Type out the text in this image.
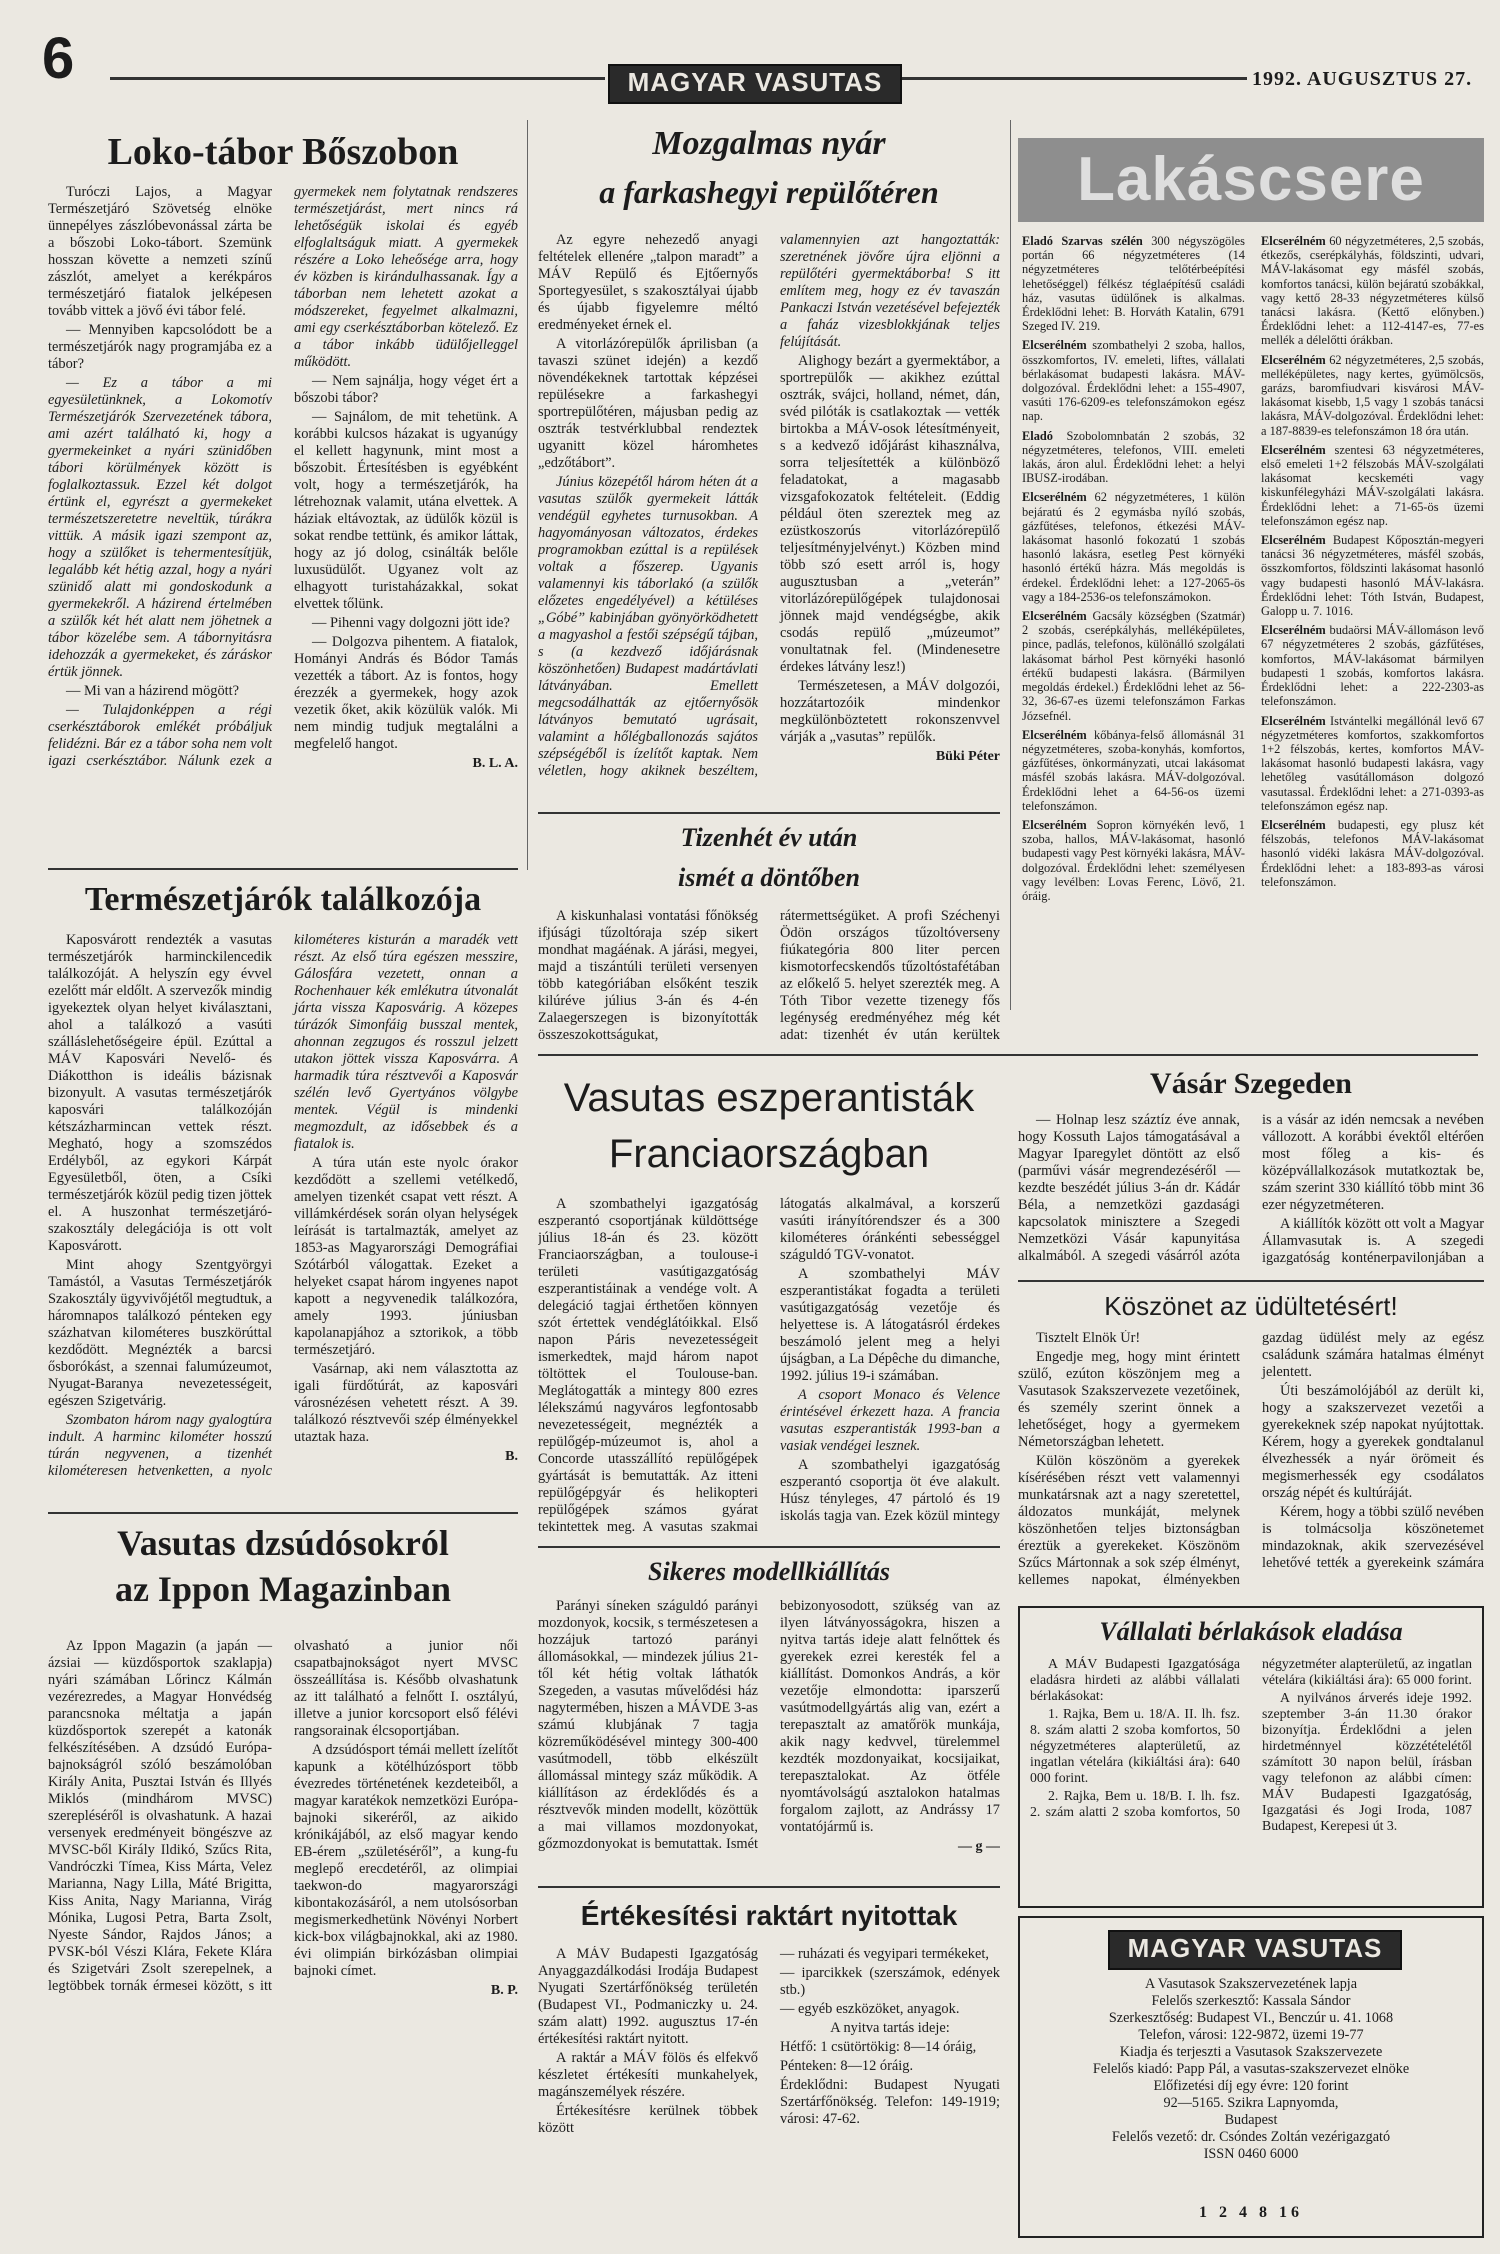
6	MAGYAR VASUTAS	1992. AUGUSZTUS 27.
Loko-tábor Bőszobon

Turóczi Lajos, a Magyar Természetjáró Szövetség elnöke ünnepélyes zászlóbevonással zárta be a bőszobi Loko-tábort. Szemünk hosszan követte a nemzeti színű zászlót, amelyet a kerékpáros természetjáró fiatalok jelképesen tovább vittek a jövő évi tábor felé.

— Mennyiben kapcsolódott be a természetjárók nagy programjába ez a tábor?

— Ez a tábor a mi egyesületünknek, a Lokomotív Természetjárók Szervezetének tábora, ami azért található ki, hogy a gyermekeinket a nyári szünidőben tábori körülmények között is foglalkoztassuk. Ezzel két dolgot értünk el, egyrészt a gyermekeket természetszeretetre neveltük, túrákra vittük. A másik igazi szempont az, hogy a szülőket is tehermentesítjük, legalább két hétig azzal, hogy a nyári szünidő alatt mi gondoskodunk a gyermekekről. A házirend értelmében a szülők két hét alatt nem jöhetnek a tábor közelébe sem. A tábornyitásra idehozzák a gyermekeket, és záráskor értük jönnek.

— Mi van a házirend mögött?

— Tulajdonképpen a régi cserkésztáborok emlékét próbáljuk felidézni. Bár ez a tábor soha nem volt igazi cserkésztábor. Nálunk ezek a gyermekek nem folytatnak rendszeres természetjárást, mert nincs rá lehetőségük iskolai és egyéb elfoglaltságuk miatt. A gyermekek részére a Loko leheősége arra, hogy év közben is kirándulhassanak. Így a táborban nem lehetett azokat a módszereket, fegyelmet alkalmazni, ami egy cserkésztáborban kötelező. Ez a tábor inkább üdülőjelleggel működött.

— Nem sajnálja, hogy véget ért a bőszobi tábor?

— Sajnálom, de mit tehetünk. A korábbi kulcsos házakat is ugyanúgy el kellett hagynunk, mint most a bőszobit. Értesítésben is egyébként volt, hogy a természetjárók, ha létrehoznak valamit, utána elvettek. A háziak eltávoztak, az üdülők közül is sokat rendbe tettünk, és amikor láttak, hogy az jó dolog, csinálták belőle luxusüdülőt. Ugyanez volt az elhagyott turistaházakkal, sokat elvettek tőlünk.

— Pihenni vagy dolgozni jött ide?

— Dolgozva pihentem. A fiatalok, Hományi András és Bódor Tamás vezették a tábort. Az is fontos, hogy érezzék a gyermekek, hogy azok vezetik őket, akik közülük valók. Mi nem mindig tudjuk megtalálni a megfelelő hangot.

B. L. A.

Természetjárók találkozója

Kaposvárott rendezték a vasutas természetjárók harminckilencedik találkozóját. A helyszín egy évvel ezelőtt már eldőlt. A szervezők mindig igyekeztek olyan helyet kiválasztani, ahol a találkozó a vasúti szálláslehetőségeire épül. Ezúttal a MÁV Kaposvári Nevelő- és Diákotthon is ideális bázisnak bizonyult. A vasutas természetjárók kaposvári találkozóján kétszázharmincan vettek részt. Megható, hogy a szomszédos Erdélyből, az egykori Kárpát Egyesületből, öten, a Csíki természetjárók közül pedig tizen jöttek el. A huszonhat természetjáró-szakosztály delegációja is ott volt Kaposvárott.

Mint ahogy Szentgyörgyi Tamástól, a Vasutas Természetjárók Szakosztály ügyvivőjétől megtudtuk, a háromnapos találkozó pénteken egy százhatvan kilométeres buszkörúttal kezdődött. Megnézték a barcsi ősborókást, a szennai falumúzeumot, Nyugat-Baranya nevezetességeit, egészen Szigetvárig.

Szombaton három nagy gyalogtúra indult. A harminc kilométer hosszú túrán negyvenen, a tizenhét kilométeresen hetvenketten, a nyolc kilométeres kisturán a maradék vett részt. Az első túra egészen messzire, Gálosfára vezetett, onnan a Rochenhauer kék emlékutra útvonalát járta vissza Kaposvárig. A közepes túrázók Simonfáig busszal mentek, ahonnan zegzugos és rosszul jelzett utakon jöttek vissza Kaposvárra. A harmadik túra résztvevői a Kaposvár szélén levő Gyertyános völgybe mentek. Végül is mindenki megmozdult, az idősebbek és a fiatalok is.

A túra után este nyolc órakor kezdődött a szellemi vetélkedő, amelyen tizenkét csapat vett részt. A villámkérdések során olyan helységek leírását is tartalmazták, amelyet az 1853-as Magyarországi Demográfiai Szótárból válogattak. Ezeket a helyeket csapat három ingyenes napot kapott a negyvenedik találkozóra, amely 1993. júniusban kapolanapjához a sztorikok, a több természetjáró.

Vasárnap, aki nem választotta az igali fürdőtúrát, az kaposvári városnézésen vehetett részt. A 39. találkozó résztvevői szép élményekkel utaztak haza.

B.

Vasutas dzsúdósokról
az Ippon Magazinban

Az Ippon Magazin (a japán — ázsiai — küzdősportok szaklapja) nyári számában Lőrincz Kálmán vezérezredes, a Magyar Honvédség parancsnoka méltatja a japán küzdősportok szerepét a katonák felkészítésében. A dzsúdó Európa-bajnokságról szóló beszámolóban Király Anita, Pusztai István és Illyés Miklós (mindhárom MVSC) szerepléséről is olvashatunk. A hazai versenyek eredményeit böngészve az MVSC-ből Király Ildikó, Szűcs Rita, Vandróczki Tímea, Kiss Márta, Velez Marianna, Nagy Lilla, Máté Brigitta, Kiss Anita, Nagy Marianna, Virág Mónika, Lugosi Petra, Barta Zsolt, Nyeste Sándor, Rajdos János; a PVSK-ból Vészi Klára, Fekete Klára és Szigetvári Zsolt szerepelnek, a legtöbbek tornák érmesei között, s itt olvasható a junior női csapatbajnokságot nyert MVSC összeállítása is. Később olvashatunk az itt található a felnőtt I. osztályú, illetve a junior korcsoport első félévi rangsorainak élcsoportjában.

A dzsúdósport témái mellett ízelítőt kapunk a kötélhúzósport több évezredes történetének kezdeteiből, a magyar karatékok nemzetközi Európa-bajnoki sikeréről, az aikido krónikájából, az első magyar kendo EB-érem „születéséről”, a kung-fu meglepő erecdetéről, az olimpiai taekwon-do magyarországi kibontakozásáról, a nem utolsósorban megismerkedhetünk Növényi Norbert kick-box világbajnokkal, aki az 1980. évi olimpián birkózásban olimpiai bajnoki címet.

B. P.

Mozgalmas nyár
a farkashegyi repülőtéren

Az egyre nehezedő anyagi feltételek ellenére „talpon maradt” a MÁV Repülő és Ejtőernyős Sportegyesület, s szakosztályai újabb és újabb figyelemre méltó eredményeket érnek el.

A vitorlázórepülők áprilisban (a tavaszi szünet idején) a kezdő növendékeknek tartottak képzései repülésekre a farkashegyi sportrepülőtéren, májusban pedig az osztrák testvérklubbal rendeztek ugyanitt közel háromhetes „edzőtábort”.

Június közepétől három héten át a vasutas szülők gyermekeit látták vendégül egyhetes turnusokban. A hagyományosan változatos, érdekes programokban ezúttal is a repülések voltak a főszerep. Ugyanis valamennyi kis táborlakó (a szülők előzetes engedélyével) a kétüléses „Góbé” kabinjában gyönyörködhetett a magyashol a festői szépségű tájban, s (a kezdvező időjárásnak köszönhetően) Budapest madártávlati látványában. Emellett megcsodálhatták az ejtőernyősök látványos bemutató ugrásait, valamint a hőlégballonozás sajátos szépségéből is ízelítőt kaptak. Nem véletlen, hogy akiknek beszéltem, valamennyien azt hangoztatták: szeretnének jövőre újra eljönni a repülőtéri gyermektáborba! S itt említem meg, hogy ez év tavaszán Pankaczi István vezetésével befejezték a faház vizesblokkjának teljes felújítását.

Alighogy bezárt a gyermektábor, a sportrepülők — akikhez ezúttal osztrák, svájci, holland, német, dán, svéd pilóták is csatlakoztak — vették birtokba a MÁV-osok létesítményeit, s a kedvező időjárást kihasználva, sorra teljesítették a különböző feladatokat, a magasabb vizsgafokozatok feltételeit. (Eddig például öten szereztek meg az ezüstkoszorús vitorlázórepülő teljesítményjelvényt.) Közben mind több szó esett arról is, hogy augusztusban a „veterán” vitorlázórepülőgépek tulajdonosai jönnek majd vendégségbe, akik csodás repülő „múzeumot” vonultatnak fel. (Mindenesetre érdekes látvány lesz!)

Természetesen, a MÁV dolgozói, hozzátartozóik mindenkor megkülönböztetett rokonszenvvel várják a „vasutas” repülők.

Büki Péter

Tizenhét év után
ismét a döntőben

A kiskunhalasi vontatási főnökség ifjúsági tűzoltóraja szép sikert mondhat magáénak. A járási, megyei, majd a tiszántúli területi versenyen több kategóriában elsőként teszik kilúréve július 3-án és 4-én Zalaegerszegen is bizonyították összeszokottságukat, rátermettségüket. A profi Széchenyi Ödön országos tűzoltóverseny fiúkategória 800 liter percen kismotorfecskendős tűzoltóstafétában az előkelő 5. helyet szerezték meg. A Tóth Tibor vezette tizenegy fős legénység eredményéhez még két adat: tizenhét év után kerültek

Vasutas eszperantisták
Franciaországban

A szombathelyi igazgatóság eszperantó csoportjának küldöttsége július 18-án és 23. között Franciaországban, a toulouse-i területi vasútigazgatóság eszperantistáinak a vendége volt. A delegáció tagjai érthetően könnyen szót értettek vendéglátóikkal. Első napon Páris nevezetességeit ismerkedtek, majd három napot töltöttek el Toulouse-ban. Meglátogatták a mintegy 800 ezres lélekszámú nagyváros legfontosabb nevezetességeit, megnézték a repülőgép-múzeumot is, ahol a Concorde utasszállító repülőgépek gyártását is bemutatták. Az itteni repülőgépgyár és helikopteri repülőgépek számos gyárat tekintettek meg. A vasutas szakmai látogatás alkalmával, a korszerű vasúti irányítórendszer és a 300 kilométeres óránkénti sebességgel száguldó TGV-vonatot.

A szombathelyi MÁV eszperantistákat fogadta a területi vasútigazgatóság vezetője és helyettese is. A látogatásról érdekes beszámoló jelent meg a helyi újságban, a La Dépêche du dimanche, 1992. július 19-i számában.

A csoport Monaco és Velence érintésével érkezett haza. A francia vasutas eszperantisták 1993-ban a vasiak vendégei lesznek.

A szombathelyi igazgatóság eszperantó csoportja öt éve alakult. Húsz tényleges, 47 pártoló és 19 iskolás tagja van. Ezek közül mintegy

Sikeres modellkiállítás

Parányi síneken száguldó parányi mozdonyok, kocsik, s természetesen a hozzájuk tartozó parányi állomásokkal, — mindezek július 21-től két hétig voltak láthatók Szegeden, a vasutas művelődési ház nagytermében, hiszen a MÁVDE 3-as számú klubjának 7 tagja közreműködésével mintegy 300-400 vasútmodell, több elkészült állomással mintegy száz működik. A kiállításon az érdeklődés és a résztvevők minden modellt, közöttük a mai villamos mozdonyokat, gőzmozdonyokat is bemutattak. Ismét bebizonyosodott, szükség van az ilyen látványosságokra, hiszen a nyitva tartás ideje alatt felnőttek és gyerekek ezrei keresték fel a kiállítást. Domonkos András, a kör vezetője elmondotta: iparszerű vasútmodellgyártás alig van, ezért a terepasztalt az amatőrök munkája, akik nagy kedvvel, türelemmel kezdték mozdonyaikat, kocsijaikat, terepasztalokat. Az ötféle nyomtávolságú asztalokon hatalmas forgalom zajlott, az Andrássy 17 vontatójármű is.

— g —

Értékesítési raktárt nyitottak

A MÁV Budapesti Igazgatóság Anyaggazdálkodási Irodája Budapest Nyugati Szertárfőnökség területén (Budapest VI., Podmaniczky u. 24. szám alatt) 1992. augusztus 17-én értékesítési raktárt nyitott.

A raktár a MÁV fölös és elfekvő készletet értékesíti munkahelyek, magánszemélyek részére.

Értékesítésre kerülnek többek között

— ruházati és vegyipari termékeket,

— iparcikkek (szerszámok, edények stb.)

— egyéb eszközöket, anyagok.

A nyitva tartás ideje:

Hétfő: 1 csütörtökig: 8—14 óráig,

Pénteken: 8—12 óráig.

Érdeklődni: Budapest Nyugati Szertárfőnökség. Telefon: 149-1919; városi: 47-62.

Lakáscsere

Eladó Szarvas szélén 300 négyszögöles portán 66 négyzetméteres (14 négyzetméteres telőtérbeépítési lehetőséggel) félkész téglaépítésű családi ház, vasutas üdülőnek is alkalmas. Érdeklődni lehet: B. Horváth Katalin, 6791 Szeged IV. 219.

Elcserélném szombathelyi 2 szoba, hallos, összkomfortos, IV. emeleti, liftes, vállalati bérlakásomat budapesti lakásra. MÁV-dolgozóval. Érdeklődni lehet: a 155-4907, vasúti 176-6209-es telefonszámokon egész nap.

Eladó Szobolomnbatán 2 szobás, 32 négyzetméteres, telefonos, VIII. emeleti lakás, áron alul. Érdeklődni lehet: a helyi IBUSZ-irodában.

Elcserélném 62 négyzetméteres, 1 külön bejáratú és 2 egymásba nyíló szobás, gázfűtéses, telefonos, étkezési MÁV-lakásomat hasonló fokozatú 1 szobás hasonló lakásra, esetleg Pest környéki hasonló értékű házra. Más megoldás is érdekel. Érdeklődni lehet: a 127-2065-ös vagy a 184-2536-os telefonszámokon.

Elcserélném Gacsály községben (Szatmár) 2 szobás, cserépkályhás, melléképületes, pince, padlás, telefonos, különálló szolgálati lakásomat bárhol Pest környéki hasonló értékű budapesti lakásra. (Bármilyen megoldás érdekel.) Érdeklődni lehet az 56-32, 36-67-es üzemi telefonszámon Farkas Józsefnél.

Elcserélném kőbánya-felső állomásnál 31 négyzetméteres, szoba-konyhás, komfortos, gázfűtéses, önkormányzati, utcai lakásomat másfél szobás lakásra. MÁV-dolgozóval. Érdeklődni lehet a 64-56-os üzemi telefonszámon.

Elcserélném Sopron környékén levő, 1 szoba, hallos, MÁV-lakásomat, hasonló budapesti vagy Pest környéki lakásra, MÁV-dolgozóval. Érdeklődni lehet: személyesen vagy levélben: Lovas Ferenc, Lövő, 21. óráig.

Elcserélném 60 négyzetméteres, 2,5 szobás, étkezős, cserépkályhás, földszinti, udvari, MÁV-lakásomat egy másfél szobás, komfortos tanácsi, külön bejáratú szobákkal, vagy kettő 28-33 négyzetméteres külső tanácsi lakásra. (Kettő előnyben.) Érdeklődni lehet: a 112-4147-es, 77-es mellék a délelőtti órákban.

Elcserélném 62 négyzetméteres, 2,5 szobás, melléképületes, nagy kertes, gyümölcsös, garázs, baromfiudvari kisvárosi MÁV-lakásomat kisebb, 1,5 vagy 1 szobás tanácsi lakásra, MÁV-dolgozóval. Érdeklődni lehet: a 187-8839-es telefonszámon 18 óra után.

Elcserélném szentesi 63 négyzetméteres, első emeleti 1+2 félszobás MÁV-szolgálati lakásomat kecskeméti vagy kiskunfélegyházi MÁV-szolgálati lakásra. Érdeklődni lehet: a 71-65-ös üzemi telefonszámon egész nap.

Elcserélném Budapest Kőposztán-megyeri tanácsi 36 négyzetméteres, másfél szobás, összkomfortos, földszinti lakásomat hasonló vagy budapesti hasonló MÁV-lakásra. Érdeklődni lehet: Tóth István, Budapest, Galopp u. 7. 1016.

Elcserélném budaörsi MÁV-állomáson levő 67 négyzetméteres 2 szobás, gázfűtéses, komfortos, MÁV-lakásomat bármilyen budapesti 1 szobás, komfortos lakásra. Érdeklődni lehet: a 222-2303-as telefonszámon.

Elcserélném Istvántelki megállónál levő 67 négyzetméteres komfortos, szakkomfortos 1+2 félszobás, kertes, komfortos MÁV-lakásomat hasonló budapesti lakásra, vagy lehetőleg vasútállomáson dolgozó vasutassal. Érdeklődni lehet: a 271-0393-as telefonszámon egész nap.

Elcserélném budapesti, egy plusz két félszobás, telefonos MÁV-lakásomat hasonló vidéki lakásra MÁV-dolgozóval. Érdeklődni lehet: a 183-893-as városi telefonszámon.

Vásár Szegeden

— Holnap lesz száztíz éve annak, hogy Kossuth Lajos támogatásával a Magyar Iparegylet döntött az első (parművi vásár megrendezéséről — kezdte beszédét július 3-án dr. Kádár Béla, a nemzetközi gazdasági kapcsolatok minisztere a Szegedi Nemzetközi Vásár kapunyitása alkalmából. A szegedi vásárról azóta is a vásár az idén nemcsak a nevében vállozott. A korábbi évektől eltérően most főleg a kis- és középvállalkozások mutatkoztak be, szám szerint 330 kiállító több mint 36 ezer négyzetméteren.

A kiállítók között ott volt a Magyar Államvasutak is. A szegedi igazgatóság konténerpavilonjában a

Köszönet az üdültetésért!

Tisztelt Elnök Úr!

Engedje meg, hogy mint érintett szülő, ezúton köszönjem meg a Vasutasok Szakszervezete vezetőinek, és személy szerint önnek a lehetőséget, hogy a gyermekem Németországban lehetett.

Külön köszönöm a gyerekek kísérésében részt vett valamennyi munkatársnak azt a nagy szeretettel, áldozatos munkáját, melynek köszönhetően teljes biztonságban éreztük a gyerekeket. Köszönöm Szűcs Mártonnak a sok szép élményt, kellemes napokat, élményekben gazdag üdülést mely az egész családunk számára hatalmas élményt jelentett.

Úti beszámolójából az derült ki, hogy a szakszervezet vezetői a gyerekeknek szép napokat nyújtottak. Kérem, hogy a gyerekek gondtalanul élvezhessék a nyár örömeit és megismerhessék egy csodálatos ország népét és kultúráját.

Kérem, hogy a többi szülő nevében is tolmácsolja köszönetemet mindazoknak, akik szervezésével lehetővé tették a gyerekeink számára

Vállalati bérlakások eladása

A MÁV Budapesti Igazgatósága eladásra hirdeti az alábbi vállalati bérlakásokat:

1. Rajka, Bem u. 18/A. II. lh. fsz. 8. szám alatti 2 szoba komfortos, 50 négyzetméteres alapterületű, az ingatlan vételára (kikiáltási ára): 640 000 forint.

2. Rajka, Bem u. 18/B. I. lh. fsz. 2. szám alatti 2 szoba komfortos, 50 négyzetméter alapterületű, az ingatlan vételára (kikiáltási ára): 65 000 forint.

A nyilvános árverés ideje 1992. szeptember 3-án 11.30 órakor bizonyítja. Érdeklődni a jelen hirdetménnyel közzétételétől számított 30 napon belül, írásban vagy telefonon az alábbi címen: MÁV Budapesti Igazgatóság, Igazgatási és Jogi Iroda, 1087 Budapest, Kerepesi út 3.

MAGYAR VASUTAS

A Vasutasok Szakszervezetének lapja

Felelős szerkesztő: Kassala Sándor

Szerkesztőség: Budapest VI., Benczúr u. 41. 1068

Telefon, városi: 122-9872, üzemi 19-77

Kiadja és terjeszti a Vasutasok Szakszervezete

Felelős kiadó: Papp Pál, a vasutas-szakszervezet elnöke

Előfizetési díj egy évre: 120 forint

92—5165. Szikra Lapnyomda,

Budapest

Felelős vezető: dr. Csóndes Zoltán vezérigazgató

ISSN 0460 6000

1 2 4 8 16
